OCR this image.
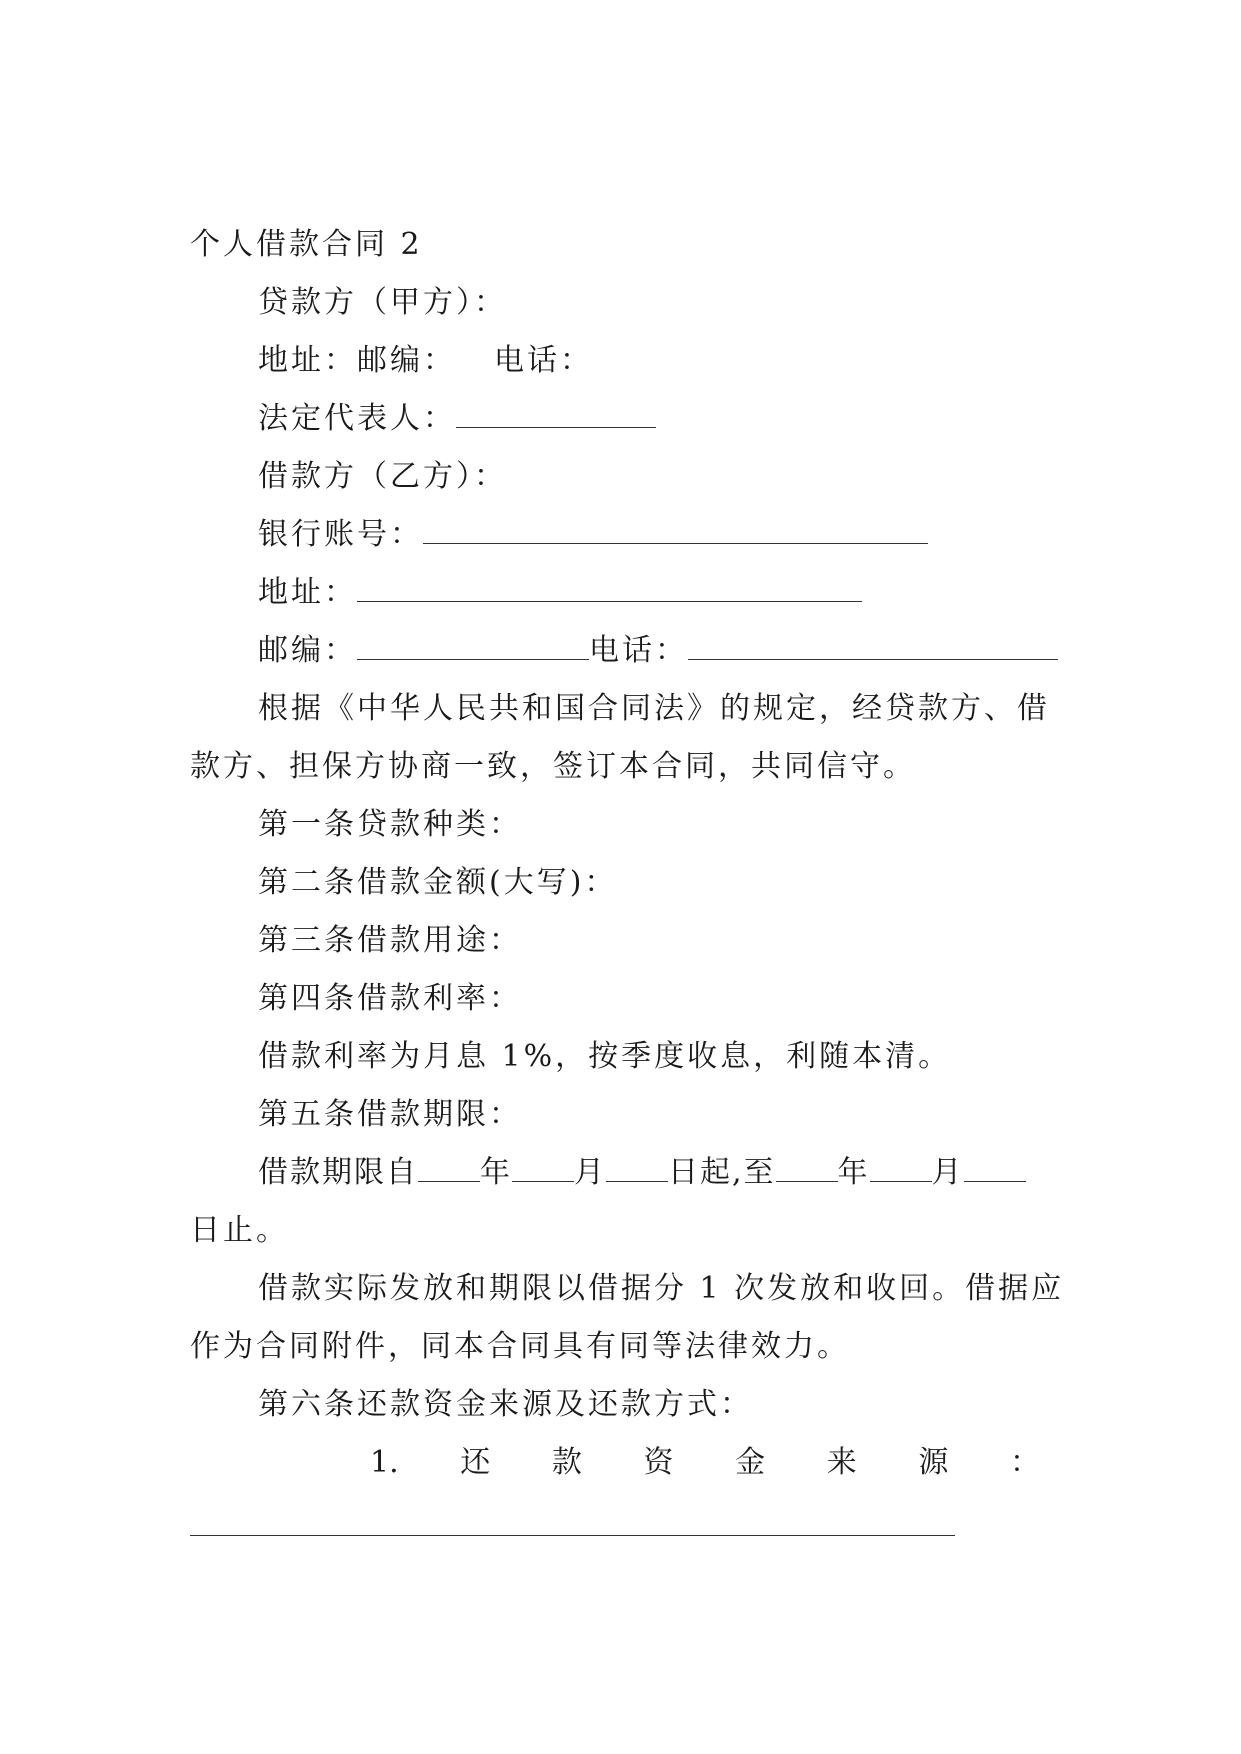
个人借款合同 2
贷款方（甲方）：
地址：邮编： 电话：
法定代表人：
借款方（乙方）：
银行账号：
地址：
邮编：	电话：
根据《中华人民共和国合同法》的规定，经贷款方、借
款方、担保方协商一致，签订本合同，共同信守。
第一条贷款种类：
第二条借款金额(大写)：
第三条借款用途：
第四条借款利率：
借款利率为月息 1%，按季度收息，利随本清。
第五条借款期限：
借款期限自 年 月 日起,至 年 月
日止。
借款实际发放和期限以借据分 1 次发放和收回。借据应
作为合同附件，同本合同具有同等法律效力。
第六条还款资金来源及还款方式：
1. 还 款 资 金 来 源 ：
